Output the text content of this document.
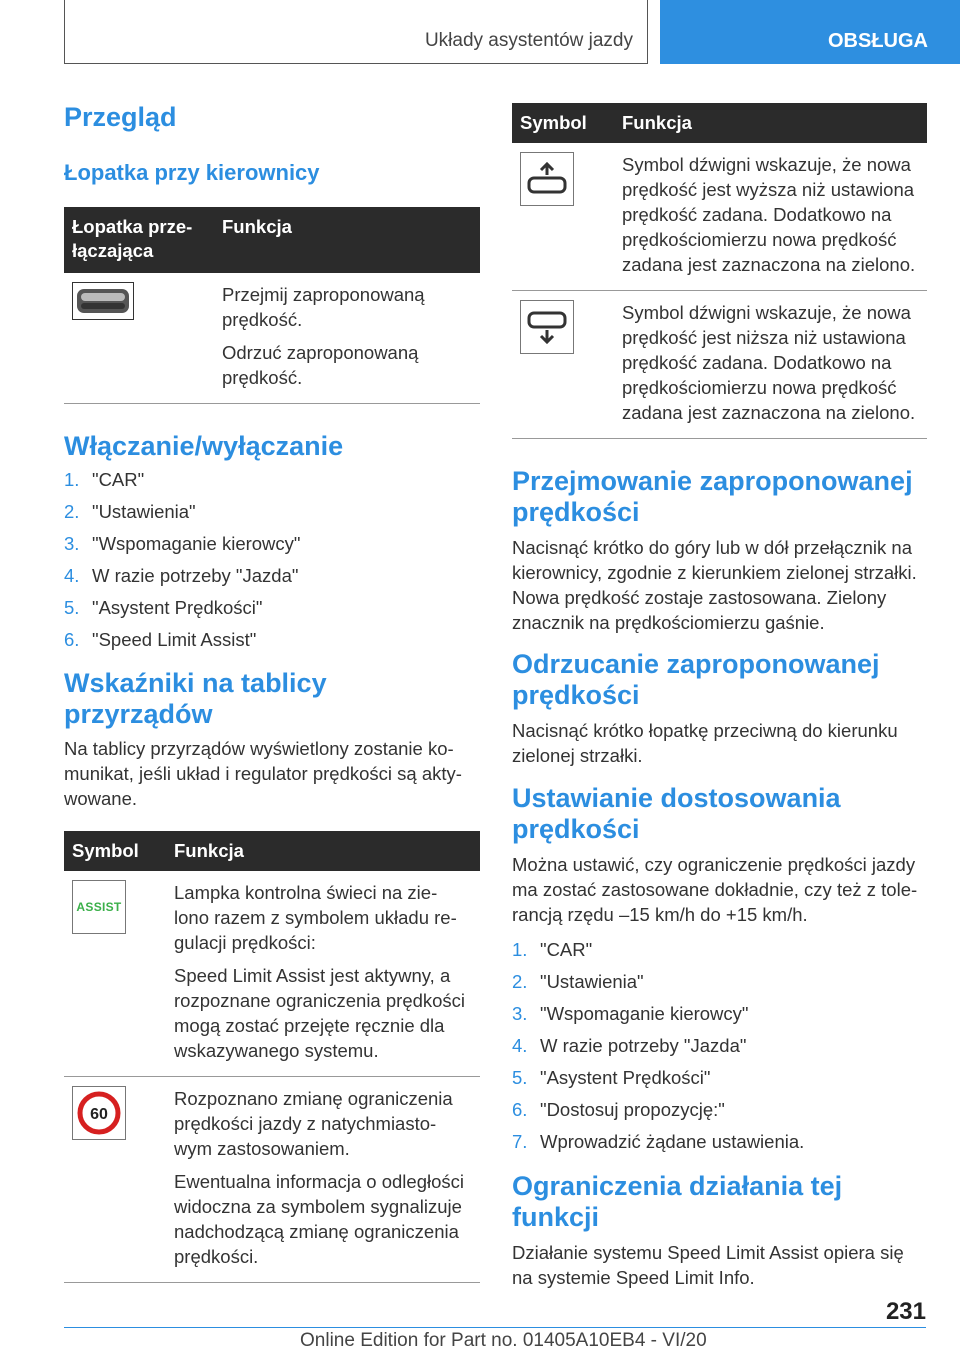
Układy asystentów jazdy	OBSŁUGA
Przegląd
Łopatka przy kierownicy
Łopatka prze-łączająca	Funkcja

Przejmij zaproponowaną prędkość.

Odrzuć zaproponowaną prędkość.

Włączanie/wyłączanie
1. "CAR"
2. "Ustawienia"
3. "Wspomaganie kierowcy"
4. W razie potrzeby "Jazda"
5. "Asystent Prędkości"
6. "Speed Limit Assist"
Wskaźniki na tablicy przyrządów

Na tablicy przyrządów wyświetlony zostanie ko-munikat, jeśli układ i regulator prędkości są akty-wowane.

Symbol	Funkcja

ASSIST	Lampka kontrolna świeci na zie-lono razem z symbolem układu re-gulacji prędkości:

Speed Limit Assist jest aktywny, a rozpoznane ograniczenia prędkości mogą zostać przejęte ręcznie dla wskazywanego systemu.

60	Rozpoznano zmianę ograniczenia prędkości jazdy z natychmiasto-wym zastosowaniem.

Ewentualna informacja o odległości widoczna za symbolem sygnalizuje nadchodzącą zmianę ograniczenia prędkości.

Symbol	Funkcja

	Symbol dźwigni wskazuje, że nowa prędkość jest wyższa niż ustawiona prędkość zadana. Dodatkowo na prędkościomierzu nowa prędkość zadana jest zaznaczona na zielono.

	Symbol dźwigni wskazuje, że nowa prędkość jest niższa niż ustawiona prędkość zadana. Dodatkowo na prędkościomierzu nowa prędkość zadana jest zaznaczona na zielono.
Przejmowanie zaproponowanej prędkości

Nacisnąć krótko do góry lub w dół przełącznik na kierownicy, zgodnie z kierunkiem zielonej strzałki. Nowa prędkość zostaje zastosowana. Zielony znacznik na prędkościomierzu gaśnie.

Odrzucanie zaproponowanej prędkości

Nacisnąć krótko łopatkę przeciwną do kierunku zielonej strzałki.

Ustawianie dostosowania prędkości

Można ustawić, czy ograniczenie prędkości jazdy ma zostać zastosowane dokładnie, czy też z tole-rancją rzędu –15 km/h do +15 km/h.

1. "CAR"
2. "Ustawienia"
3. "Wspomaganie kierowcy"
4. W razie potrzeby "Jazda"
5. "Asystent Prędkości"
6. "Dostosuj propozycję:"
7. Wprowadzić żądane ustawienia.
Ograniczenia działania tej funkcji

Działanie systemu Speed Limit Assist opiera się na systemie Speed Limit Info.

231
Online Edition for Part no. 01405A10EB4 - VI/20
